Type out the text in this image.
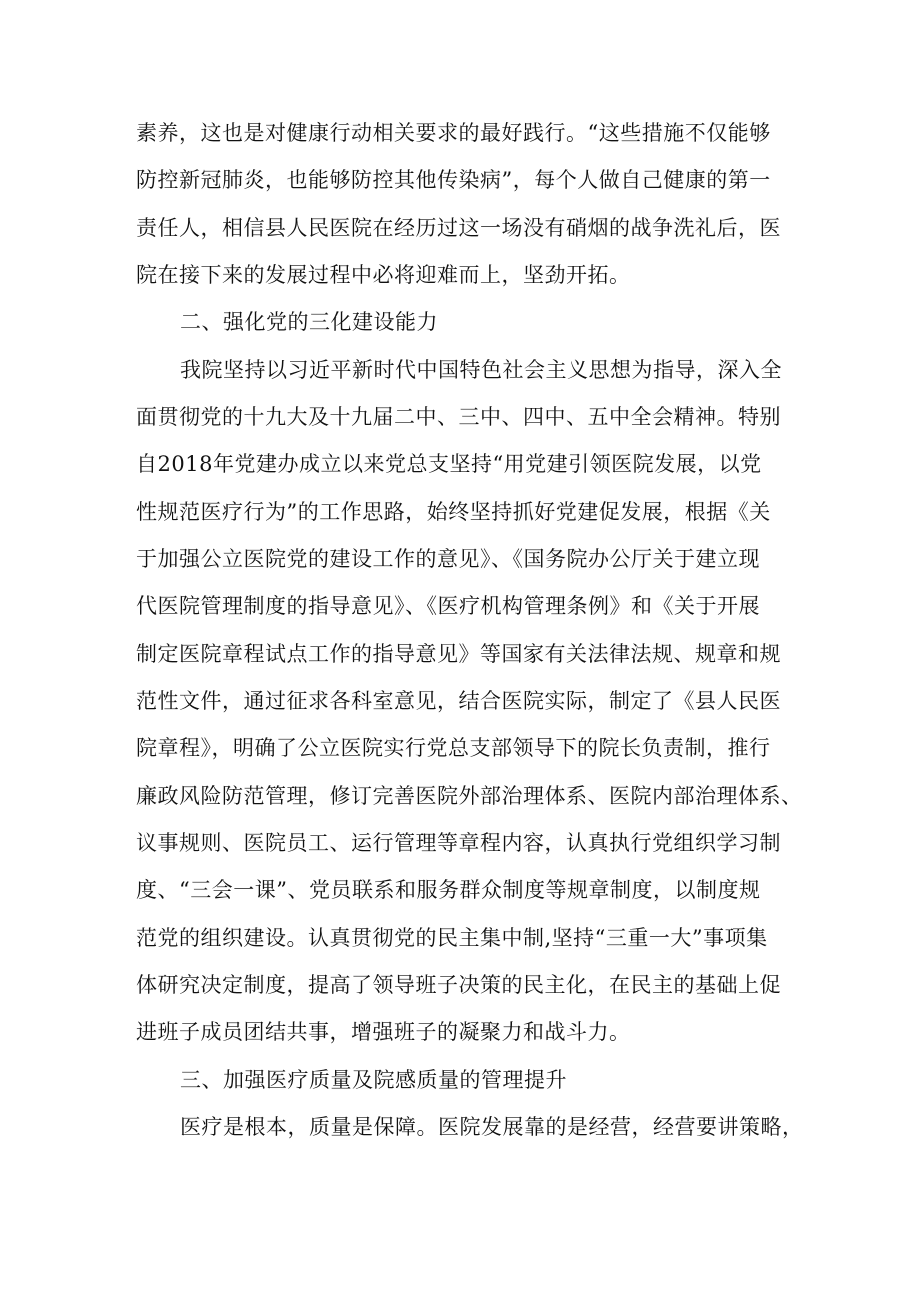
素养，这也是对健康行动相关要求的最好践行。“这些措施不仅能够
防控新冠肺炎，也能够防控其他传染病”，每个人做自己健康的第一
责任人，相信县人民医院在经历过这一场没有硝烟的战争洗礼后，医
院在接下来的发展过程中必将迎难而上，坚劲开拓。
二、强化党的三化建设能力
我院坚持以习近平新时代中国特色社会主义思想为指导，深入全
面贯彻党的十九大及十九届二中、三中、四中、五中全会精神。特别
自2018年党建办成立以来党总支坚持“用党建引领医院发展，以党
性规范医疗行为”的工作思路，始终坚持抓好党建促发展，根据《关
于加强公立医院党的建设工作的意见》、《国务院办公厅关于建立现
代医院管理制度的指导意见》、《医疗机构管理条例》和《关于开展
制定医院章程试点工作的指导意见》等国家有关法律法规、规章和规
范性文件，通过征求各科室意见，结合医院实际，制定了《县人民医
院章程》，明确了公立医院实行党总支部领导下的院长负责制，推行
廉政风险防范管理，修订完善医院外部治理体系、医院内部治理体系、
议事规则、医院员工、运行管理等章程内容，认真执行党组织学习制
度、“三会一课”、党员联系和服务群众制度等规章制度，以制度规
范党的组织建设。认真贯彻党的民主集中制,坚持“三重一大”事项集
体研究决定制度，提高了领导班子决策的民主化，在民主的基础上促
进班子成员团结共事，增强班子的凝聚力和战斗力。
三、加强医疗质量及院感质量的管理提升
医疗是根本，质量是保障。医院发展靠的是经营，经营要讲策略，
